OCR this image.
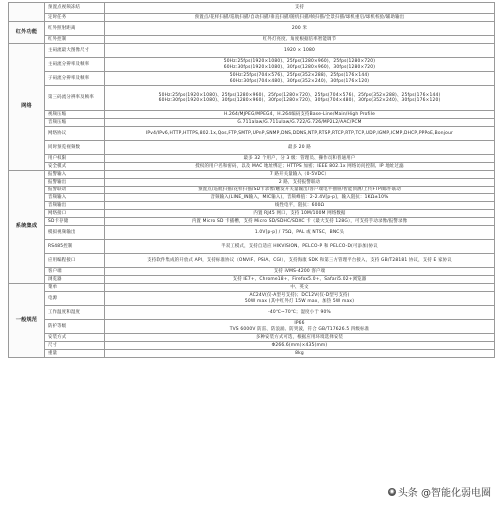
	预置点视频冻结	支持
	定时任务	预置点/花样扫描/巡航扫描/自动扫描/垂直扫描/随机扫描/帧扫描/全景扫描/球机重启/球机校验/辅助输出
红外功能	红外照射距离	200 米
	红外控制	红外灯亮度、角度根据倍率智能调节
网络	主码流最大图像尺寸	1920 × 1080
	主码流分辨率及帧率	50Hz:25fps(1920×1080)、25fps(1280×960)、25fps(1280×720)
60Hz:30fps(1920×1080)、30fps(1280×960)、30fps(1280×720)
	子码流分辨率及帧率	50Hz:25fps(704×576)、25fps(352×288)、25fps(176×144)
60Hz:30fps(704×480)、30fps(352×240)、30fps(176×120)
	第三码流分辨率及帧率	50Hz:25fps(1920×1080)、25fps(1280×960)、25fps(1280×720)、25fps(704×576)、25fps(352×288)、25fps(176×144)
60Hz:30fps(1920×1080)、30fps(1280×960)、30fps(1280×720)、30fps(704×480)、30fps(352×240)、30fps(176×120)
	视频压缩	H.264/MJPEG/MPEG4，H.264编码支持Base-Line/Main/High Profile
	音频压缩	G.711alaw/G.711ulaw/G.722/G.726/MP2L2/AAC/PCM
	网络协议	IPv4/IPv6,HTTP,HTTPS,802.1x,Qos,FTP,SMTP,UPnP,SNMP,DNS,DDNS,NTP,RTSP,RTCP,RTP,TCP,UDP,IGMP,ICMP,DHCP,PPPoE,Bonjour
	同时预览视频数	最多 20 路
	用户权限	最多 32 个用户，分 3 级：管理员、操作员和普通用户
	安全模式	授权的用户名和密码，以及 MAC 地址绑定；HTTPS 加密；IEEE 802.1x 网络访问控制、IP 地址过滤
系统集成	报警输入	7 路开关量输入（0-5VDC）
	报警输出	2 路，支持报警联动
	报警联动	预置点/巡航扫描/花样扫描/SD卡录像/触发开关量输出/客户端电平抽屉/智能侦测/上传FTP/邮件联动
	音频输入	音频输入(LINE_IN输入，MIC输入)，音频峰值：2-2.4V[p-p]，输入阻抗：1KΩ±10%
	音频输出	线性电平，阻抗：600Ω
	网络接口	内置 RJ45 网口，支持 10M/100M 网络数据
	SD卡存储	内置 Micro SD 卡插槽，支持 Micro SD/SDHC/SDXC 卡（最大支持 128G），可支持手动录像/报警录像
	模拟视频输出	1.0V[p-p] / 75Ω，PAL 或 NTSC，BNC头
	RS485控制	半双工模式，支持自适应 HIKVISION、PELCO-P 和 PELCO-D(可添加)协议
	应用编程接口	支持软件集成的开放式 API，支持标准协议（ONVIF、PSIA、CGI），支持海康 SDK 和第三方管理平台接入，支持 GB/T28181 协议，支持 E 家协议
	客户端	支持 iVMS-4200 客户端
	浏览器	支持 IE7+、Chrome18+、Firefox5.0+、Safari5.02+浏览器
一般规范	菜单	中、英文
	电源	AC24V(仅-A型号支持)；DC12V(仅-D型号支持)
50W max (其中红外灯 15W max，加热 5W max)
	工作温度和湿度	-40℃~70℃；湿度小于 90%
	防护等级	IP66
TVS 6000V 防雷、防浪涌、防突波，符合 GB/T17626.5 四级标准
	安装方式	多种安装方式可选，根据应用环境选择安装
	尺寸	Φ266.6(mm)×435(mm)
	重量	8kg
◉ 头条 @智能化弱电圈
